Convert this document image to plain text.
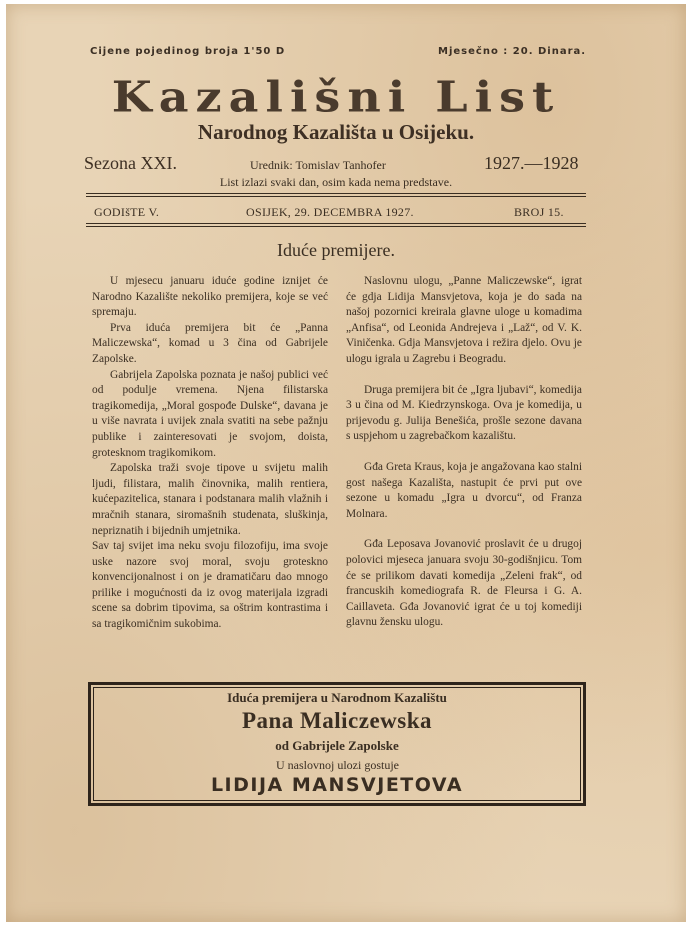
Cijene pojedinog broja 1'50 D	Mjesečno : 20. Dinara.
Kazališni List
Narodnog Kazališta u Osijeku.
Sezona XXI.	Urednik: Tomislav Tanhofer	1927.—1928
List izlazi svaki dan, osim kada nema predstave.
GODIšTE V.	OSIJEK, 29. DECEMBRA 1927.	BROJ 15.
Iduće premijere.

U mjesecu januaru iduće godine iznijet će Narodno Kazalište nekoliko premijera, koje se već spremaju.

Prva iduća premijera bit će „Panna Maliczewska“, komad u 3 čina od Gabrijele Zapolske.

Gabrijela Zapolska poznata je našoj publici već od podulje vremena. Njena filistarska tragikomedija, „Moral gospođe Dulske“, davana je u više navrata i uvijek znala svatiti na sebe pažnju publike i zainteresovati je svojom, doista, grotesknom tragikomikom.

Zapolska traži svoje tipove u svijetu malih ljudi, filistara, malih činovnika, malih rentiera, kućepazitelica, stanara i podstanara malih vlažnih i mračnih stanara, siromašnih studenata, sluškinja, nepriznatih i bijednih umjetnika.

Sav taj svijet ima neku svoju filozofiju, ima svoje uske nazore svoj moral, svoju groteskno konvencijonalnost i on je dramatičaru dao mnogo prilike i mogućnosti da iz ovog materijala izgradi scene sa dobrim tipovima, sa oštrim kontrastima i sa tragikomičnim sukobima.

Naslovnu ulogu, „Panne Maliczewske“, igrat će gdja Lidija Mansvjetova, koja je do sada na našoj pozornici kreirala glavne uloge u komadima „Anfisa“, od Leonida Andrejeva i „Laž“, od V. K. Viničenka. Gdja Mansvjetova i režira djelo. Ovu je ulogu igrala u Zagrebu i Beogradu.

Druga premijera bit će „Igra ljubavi“, komedija 3 u čina od M. Kiedrzynskoga. Ova je komedija, u prijevodu g. Julija Benešića, prošle sezone davana s uspjehom u zagrebačkom kazalištu.

Gđa Greta Kraus, koja je angažovana kao stalni gost našega Kazališta, nastupit će prvi put ove sezone u komadu „Igra u dvorcu“, od Franza Molnara.

Gđa Leposava Jovanović proslavit će u drugoj polovici mjeseca januara svoju 30-godišnjicu. Tom će se prilikom davati komedija „Zeleni frak“, od francuskih komediografa R. de Fleursa i G. A. Caillaveta. Gđa Jovanović igrat će u toj komediji glavnu žensku ulogu.

Iduća premijera u Narodnom Kazalištu
Pana Maliczewska
od Gabrijele Zapolske
U naslovnoj ulozi gostuje
LIDIJA MANSVJETOVA
